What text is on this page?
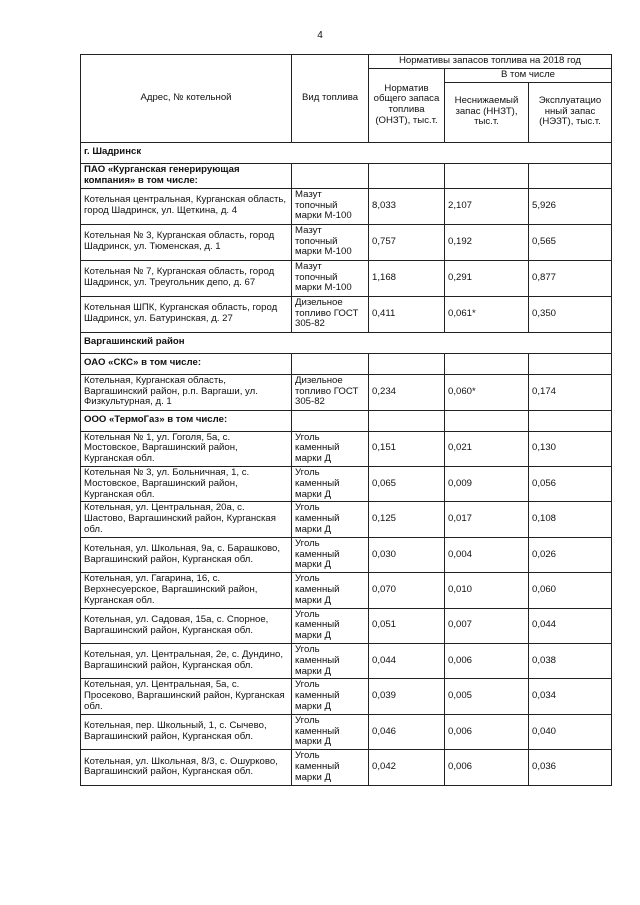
4
Адрес, № котельной	Вид топлива	Нормативы запасов топлива на 2018 год		
		Норматив общего запаса топлива (ОНЗТ), тыс.т.	В том числе	
			Неснижаемый запас (ННЗТ), тыс.т.	Эксплуатацио нный запас (НЭЗТ), тыс.т.
г. Шадринск				
ПАО «Курганская генерирующая компания» в том числе:				
Котельная центральная, Курганская область, город Шадринск, ул. Щеткина, д. 4	Мазут топочный марки М-100	8,033	2,107	5,926
Котельная № 3, Курганская область, город Шадринск, ул. Тюменская, д. 1	Мазут топочный марки М-100	0,757	0,192	0,565
Котельная № 7, Курганская область, город Шадринск, ул. Треугольник депо, д. 67	Мазут топочный марки М-100	1,168	0,291	0,877
Котельная ШПК, Курганская область, город Шадринск, ул. Батуринская, д. 27	Дизельное топливо ГОСТ 305-82	0,411	0,061*	0,350
Варгашинский район				
ОАО «СКС» в том числе:				
Котельная, Курганская область, Варгашинский район, р.п. Варгаши, ул. Физкультурная, д. 1	Дизельное топливо ГОСТ 305-82	0,234	0,060*	0,174
ООО «ТермоГаз» в том числе:				
Котельная № 1, ул. Гоголя, 5а, с. Мостовское, Варгашинский район, Курганская обл.	Уголь каменный марки Д	0,151	0,021	0,130
Котельная № 3, ул. Больничная, 1, с. Мостовское, Варгашинский район, Курганская обл.	Уголь каменный марки Д	0,065	0,009	0,056
Котельная, ул. Центральная, 20а, с. Шастово, Варгашинский район, Курганская обл.	Уголь каменный марки Д	0,125	0,017	0,108
Котельная, ул. Школьная, 9а, с. Барашково, Варгашинский район, Курганская обл.	Уголь каменный марки Д	0,030	0,004	0,026
Котельная, ул. Гагарина, 16, с. Верхнесуерское, Варгашинский район, Курганская обл.	Уголь каменный марки Д	0,070	0,010	0,060
Котельная, ул. Садовая, 15а, с. Спорное, Варгашинский район, Курганская обл.	Уголь каменный марки Д	0,051	0,007	0,044
Котельная, ул. Центральная, 2е, с. Дундино, Варгашинский район, Курганская обл.	Уголь каменный марки Д	0,044	0,006	0,038
Котельная, ул. Центральная, 5а, с. Просеково, Варгашинский район, Курганская обл.	Уголь каменный марки Д	0,039	0,005	0,034
Котельная, пер. Школьный, 1, с. Сычево, Варгашинский район, Курганская обл.	Уголь каменный марки Д	0,046	0,006	0,040
Котельная, ул. Школьная, 8/3, с. Ошурково, Варгашинский район, Курганская обл.	Уголь каменный марки Д	0,042	0,006	0,036
